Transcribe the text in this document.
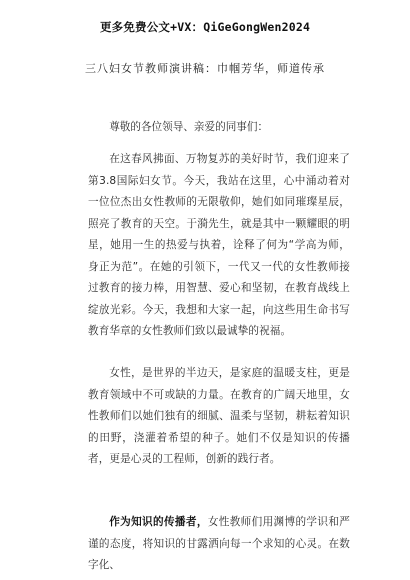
更多免费公文+VX：QiGeGongWen2024
三八妇女节教师演讲稿：巾帼芳华，师道传承
尊敬的各位领导、亲爱的同事们：
在这春风拂面、万物复苏的美好时节，我们迎来了第3.8国际妇女节。今天，我站在这里，心中涌动着对一位位杰出女性教师的无限敬仰，她们如同璀璨星辰，照亮了教育的天空。于漪先生，就是其中一颗耀眼的明星，她用一生的热爱与执着，诠释了何为“学高为师，身正为范”。在她的引领下，一代又一代的女性教师接过教育的接力棒，用智慧、爱心和坚韧，在教育战线上绽放光彩。今天，我想和大家一起，向这些用生命书写教育华章的女性教师们致以最诚挚的祝福。
女性，是世界的半边天，是家庭的温暖支柱，更是教育领域中不可或缺的力量。在教育的广阔天地里，女性教师们以她们独有的细腻、温柔与坚韧，耕耘着知识的田野，浇灌着希望的种子。她们不仅是知识的传播者，更是心灵的工程师，创新的践行者。
作为知识的传播者，女性教师们用渊博的学识和严谨的态度，将知识的甘露洒向每一个求知的心灵。在数字化、
